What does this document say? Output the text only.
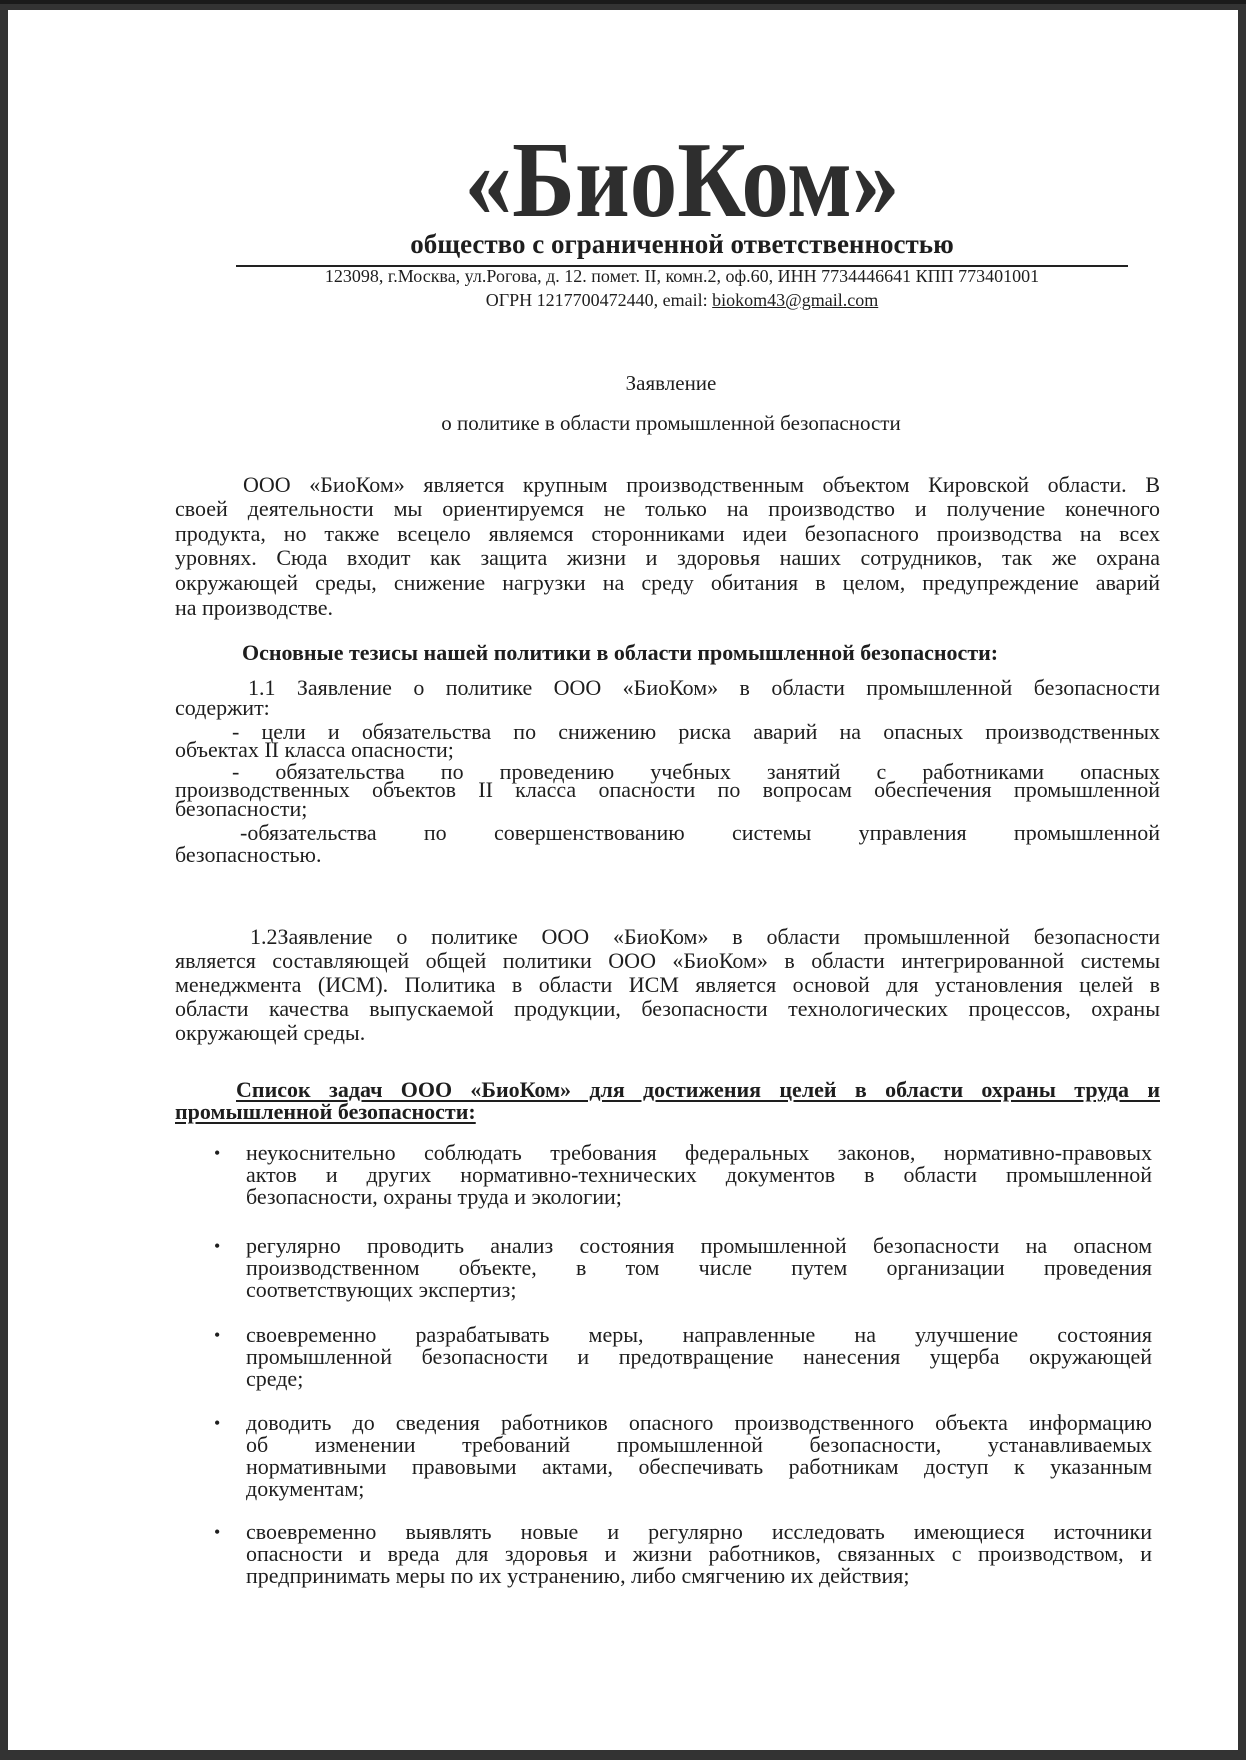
«БиоКом»
общество с ограниченной ответственностью
123098, г.Москва, ул.Рогова, д. 12. помет. II, комн.2, оф.60, ИНН 7734446641 КПП 773401001
ОГРН 1217700472440, email: biokom43@gmail.com
Заявление
о политике в области промышленной безопасности
ООО «БиоКом» является крупным производственным объектом Кировской области. В
своей деятельности мы ориентируемся не только на производство и получение конечного
продукта, но также всецело являемся сторонниками идеи безопасного производства на всех
уровнях. Сюда входит как защита жизни и здоровья наших сотрудников, так же охрана
окружающей среды, снижение нагрузки на среду обитания в целом, предупреждение аварий
на производстве.
Основные тезисы нашей политики в области промышленной безопасности:
1.1 Заявление о политике ООО «БиоКом» в области промышленной безопасности
содержит:
- цели и обязательства по снижению риска аварий на опасных производственных
объектах II класса опасности;
- обязательства по проведению учебных занятий с работниками опасных
производственных объектов II класса опасности по вопросам обеспечения промышленной
безопасности;
-обязательства по совершенствованию системы управления промышленной
безопасностью.
1.2Заявление о политике ООО «БиоКом» в области промышленной безопасности
является составляющей общей политики ООО «БиоКом» в области интегрированной системы
менеджмента (ИСМ). Политика в области ИСМ является основой для установления целей в
области качества выпускаемой продукции, безопасности технологических процессов, охраны
окружающей среды.
Список задач ООО «БиоКом» для достижения целей в области охраны труда и
промышленной безопасности:
• неукоснительно соблюдать требования федеральных законов, нормативно-правовых
актов и других нормативно-технических документов в области промышленной
безопасности, охраны труда и экологии;
• регулярно проводить анализ состояния промышленной безопасности на опасном
производственном объекте, в том числе путем организации проведения
соответствующих экспертиз;
• своевременно разрабатывать меры, направленные на улучшение состояния
промышленной безопасности и предотвращение нанесения ущерба окружающей
среде;
• доводить до сведения работников опасного производственного объекта информацию
об изменении требований промышленной безопасности, устанавливаемых
нормативными правовыми актами, обеспечивать работникам доступ к указанным
документам;
• своевременно выявлять новые и регулярно исследовать имеющиеся источники
опасности и вреда для здоровья и жизни работников, связанных с производством, и
предпринимать меры по их устранению, либо смягчению их действия;
